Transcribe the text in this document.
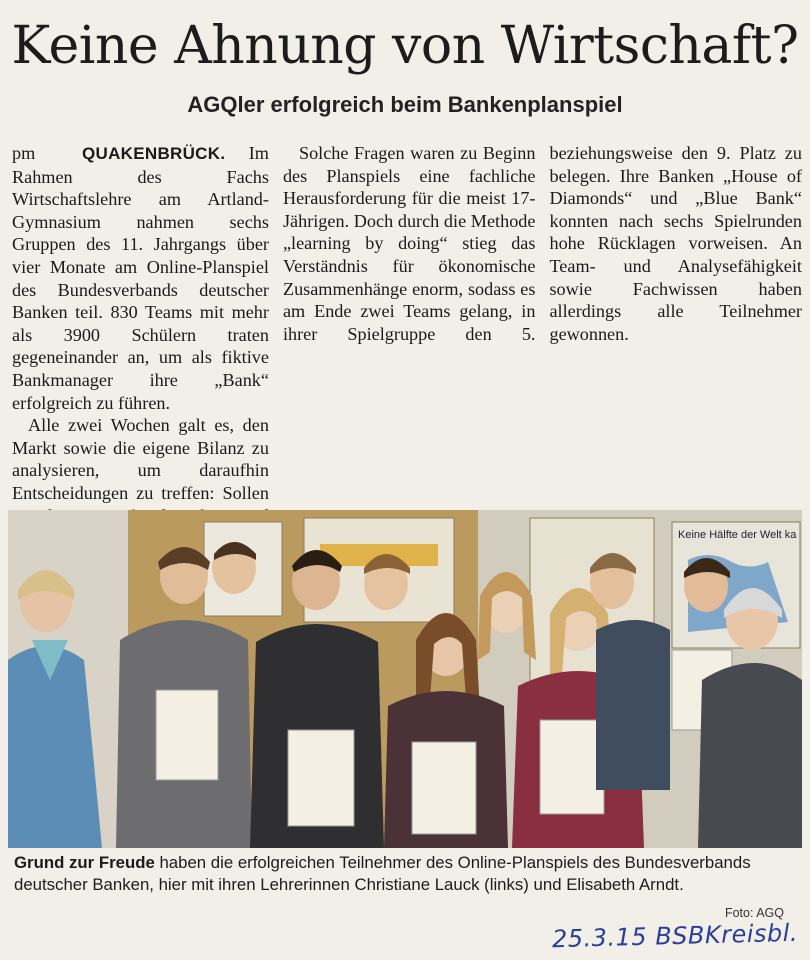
Keine Ahnung von Wirtschaft?
AGQler erfolgreich beim Bankenplanspiel

pm	QUAKENBRÜCK. Im Rahmen des Fachs Wirtschaftslehre am Artland-Gymnasium nahmen sechs Gruppen des 11. Jahrgangs über vier Monate am Online-Planspiel des Bundesverbands deutscher Banken teil. 830 Teams mit mehr als 3900 Schülern traten gegeneinander an, um als fiktive Bankmanager ihre „Bank“ erfolgreich zu führen.

Alle zwei Wochen galt es, den Markt sowie die eigene Bilanz zu analysieren, um daraufhin Entscheidungen zu treffen: Sollen

Solche Fragen waren zu Beginn des Planspiels eine fachliche Herausforderung für die meist 17-Jährigen. Doch durch die Methode „learning by doing“ stieg das Verständnis für ökonomische Zusammenhänge enorm, sodass es am Ende zwei Teams gelang, in ihrer Spielgruppe den 5. beziehungsweise den 9. Platz zu belegen. Ihre Banken „House of Diamonds“ und „Blue Bank“ konnten nach sechs Spielrunden hohe Rücklagen vorweisen. An Team- und Analysefähigkeit sowie Fachwissen haben allerdings alle Teilnehmer gewonnen.

Keine Hälfte der Welt ka
Grund zur Freude haben die erfolgreichen Teilnehmer des Online-Planspiels des Bundesverbands deutscher Banken, hier mit ihren Lehrerinnen Christiane Lauck (links) und Elisabeth Arndt.
Foto: AGQ
25.3.15 BSBKreisbl.
